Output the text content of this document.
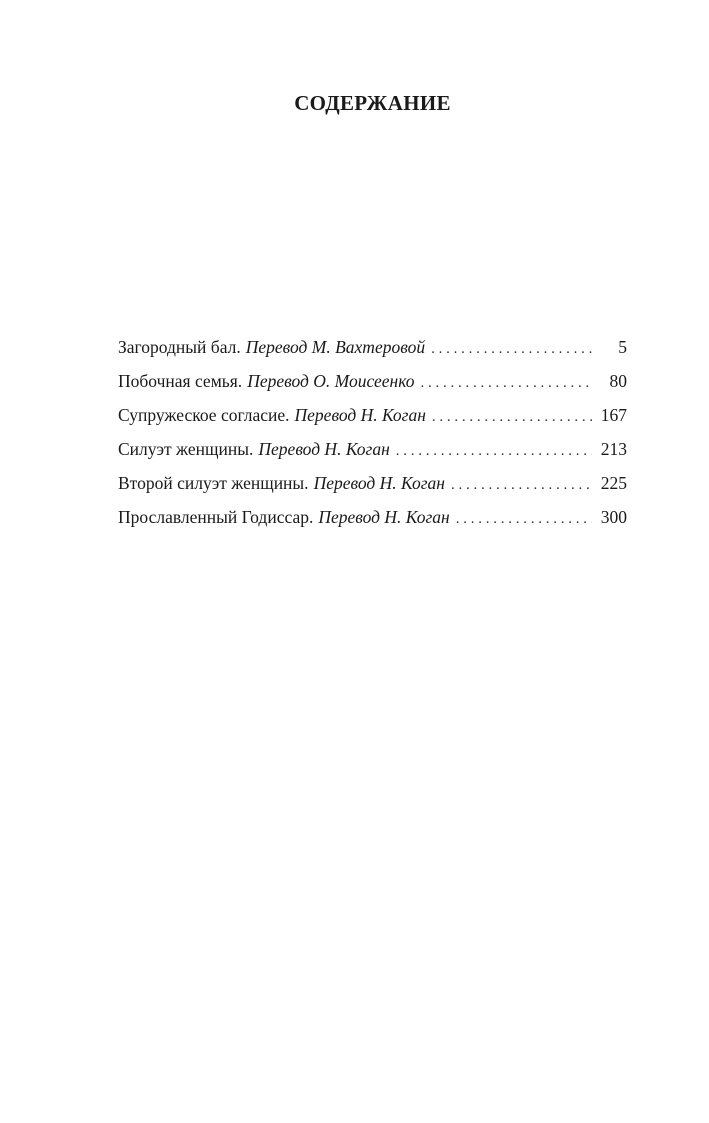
СОДЕРЖАНИЕ
Загородный бал. Перевод М. Вахтеровой . . .	5
Побочная семья. Перевод О. Моисеенко . . .	80
Супружеское согласие. Перевод Н. Коган . . .	167
Силуэт женщины. Перевод Н. Коган . . .	213
Второй силуэт женщины. Перевод Н. Коган . . .	225
Прославленный Годиссар. Перевод Н. Коган . . .	300
